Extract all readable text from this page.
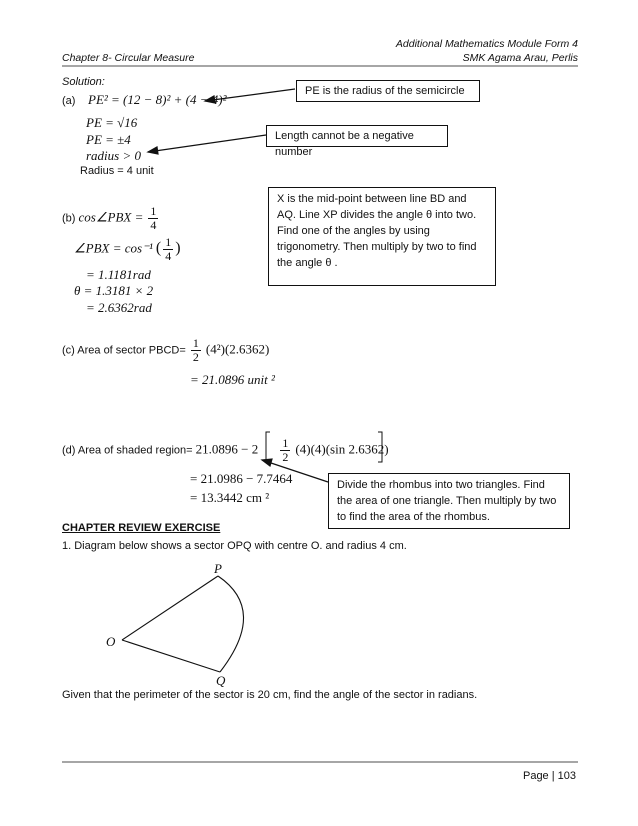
Additional Mathematics Module Form 4
Chapter 8- Circular Measure	SMK Agama Arau, Perlis
Solution:
(a) PE² = (12 − 8)² + (4 − 4)²
PE = √16
PE = ±4
radius > 0
Radius = 4 unit
(b) cos∠PBX = $\frac{1}{4}$
∠PBX = cos⁻¹ ( $\frac{1}{4}$ )
= 1.1181rad
θ = 1.3181 × 2
= 2.6362rad
(c) Area of sector PBCD= $\frac{1}{2} (4^2)(2.6362)$
= 21.0896 unit ²
(d) Area of shaded region= $21.0896 - 2 \frac{1}{2} (4)(4)(\sin$ 2.6362)
= 21.0986 − 7.7464
= 13.3442 cm ²
PE is the radius of the semicircle
Length cannot be a negative number
X is the mid-point between line BD and AQ. Line XP divides the angle θ into two. Find one of the angles by using trigonometry. Then multiply by two to find the angle θ .
Divide the rhombus into two triangles. Find the area of one triangle. Then multiply by two to find the area of the rhombus.
CHAPTER REVIEW EXERCISE
1. Diagram below shows a sector OPQ with centre O. and radius 4 cm.
P
O
Q
Given that the perimeter of the sector is 20 cm, find the angle of the sector in radians.
Page | 103
